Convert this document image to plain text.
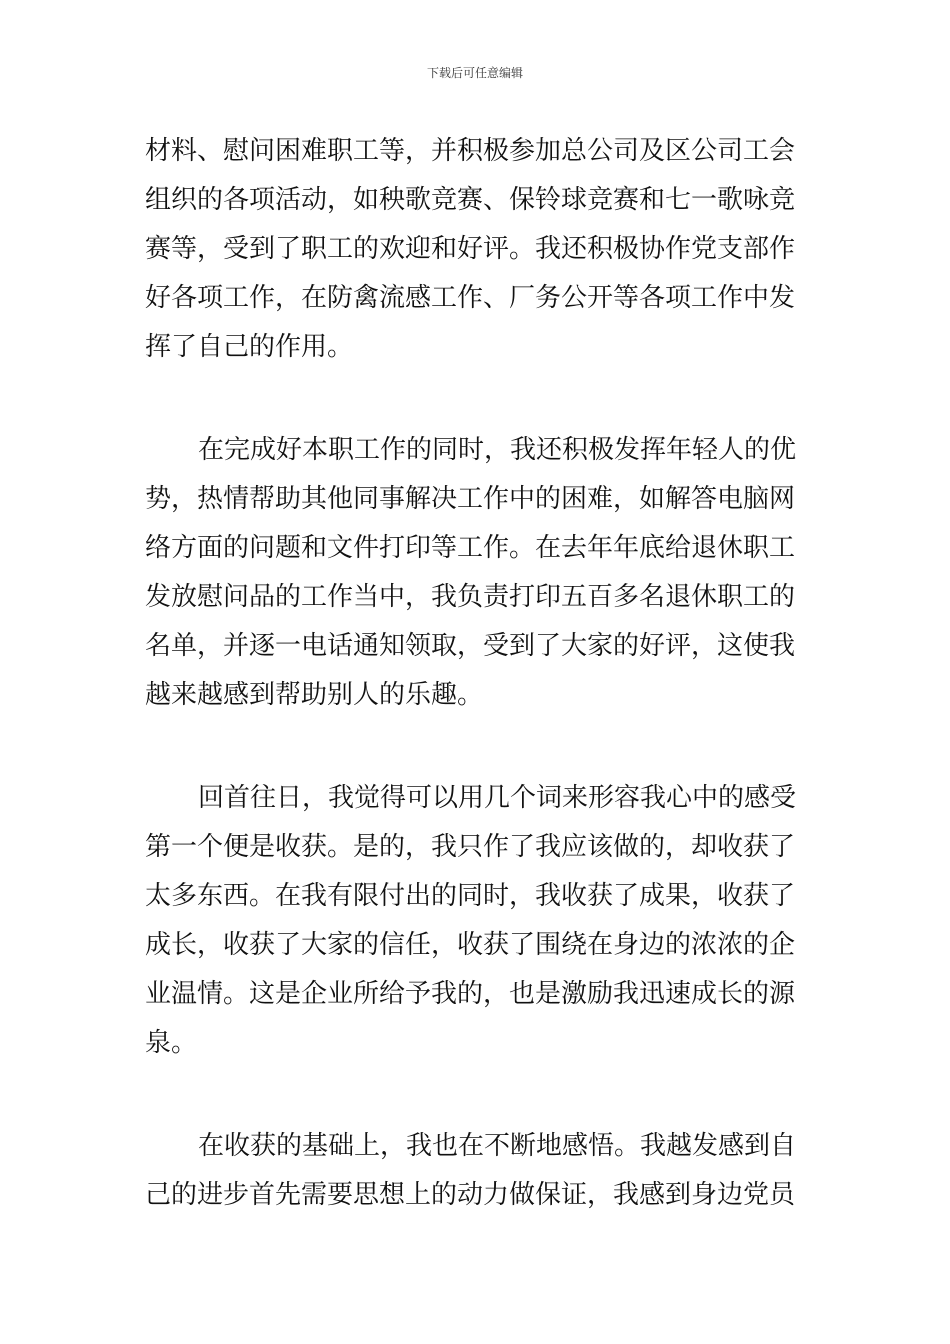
下载后可任意编辑
材料、慰问困难职工等，并积极参加总公司及区公司工会
组织的各项活动，如秧歌竞赛、保铃球竞赛和七一歌咏竞
赛等，受到了职工的欢迎和好评。我还积极协作党支部作
好各项工作，在防禽流感工作、厂务公开等各项工作中发
挥了自己的作用。
在完成好本职工作的同时，我还积极发挥年轻人的优
势，热情帮助其他同事解决工作中的困难，如解答电脑网
络方面的问题和文件打印等工作。在去年年底给退休职工
发放慰问品的工作当中，我负责打印五百多名退休职工的
名单，并逐一电话通知领取，受到了大家的好评，这使我
越来越感到帮助别人的乐趣。
回首往日，我觉得可以用几个词来形容我心中的感受
第一个便是收获。是的，我只作了我应该做的，却收获了
太多东西。在我有限付出的同时，我收获了成果，收获了
成长，收获了大家的信任，收获了围绕在身边的浓浓的企
业温情。这是企业所给予我的，也是激励我迅速成长的源
泉。
在收获的基础上，我也在不断地感悟。我越发感到自
己的进步首先需要思想上的动力做保证，我感到身边党员
